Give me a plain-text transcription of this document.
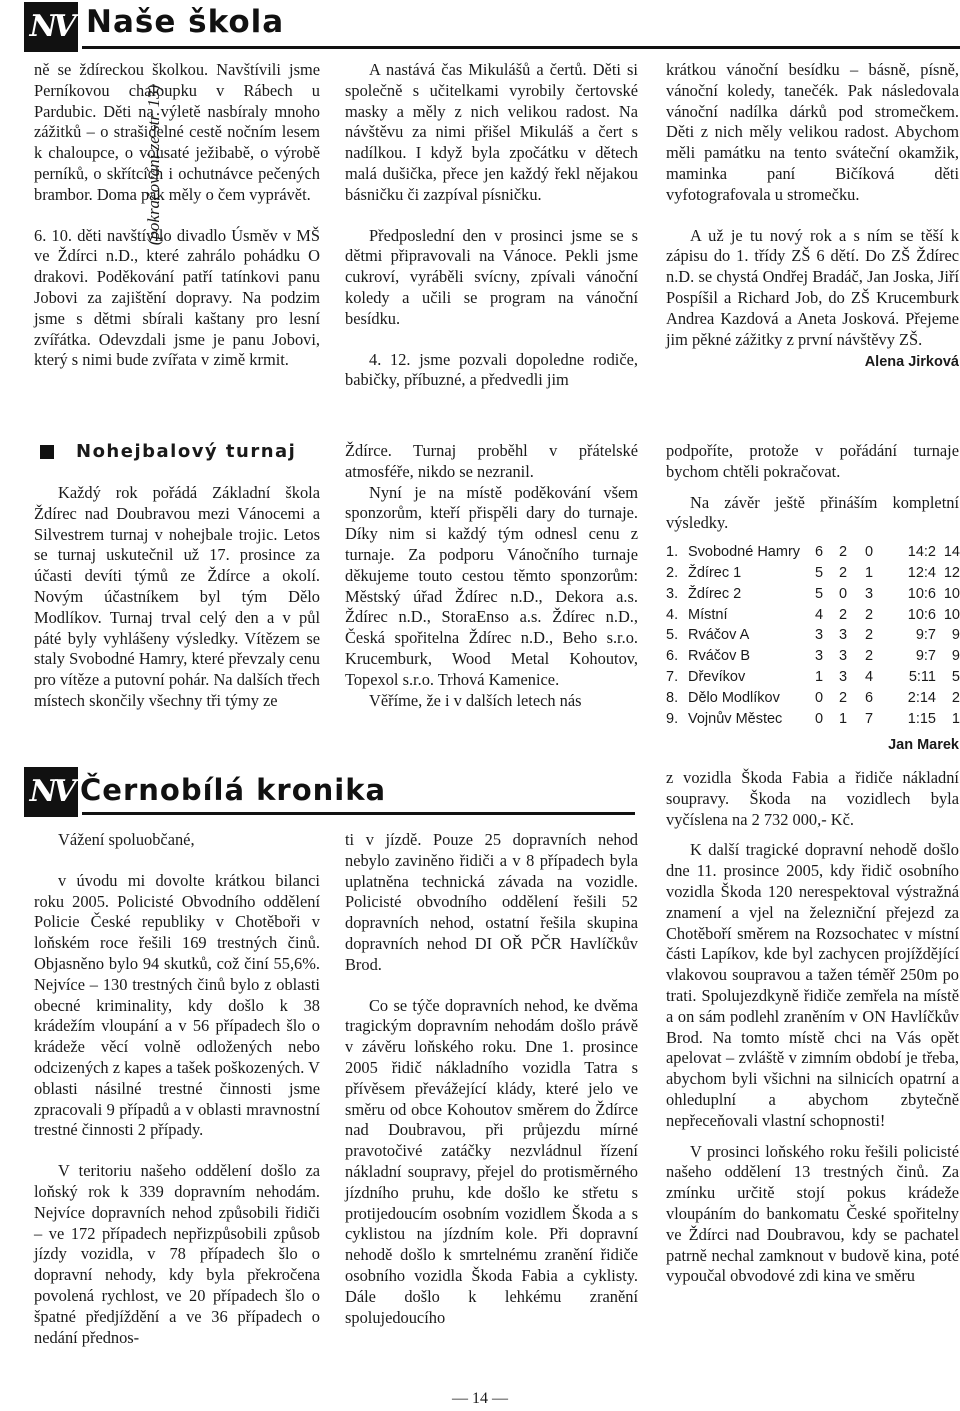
NV Naše škola
(pokračování ze str. 13)

ně se ždíreckou školkou. Navštívili jsme Perníkovou chaloupku v Rábech u Pardubic. Děti na výletě nasbíraly mnoho zážitků – o strašidelné cestě nočním lesem k chaloupce, o vousaté ježibabě, o výrobě perníků, o skřítcích i ochutnávce pečených brambor. Doma pak měly o čem vyprávět.

6. 10. děti navštívilo divadlo Úsměv v MŠ ve Ždírci n.D., které zahrálo pohádku O drakovi. Poděkování patří tatínkovi panu Jobovi za zajištění dopravy. Na podzim jsme s dětmi sbírali kaštany pro lesní zvířátka. Odevzdali jsme je panu Jobovi, který s nimi bude zvířata v zimě krmit.

A nastává čas Mikulášů a čertů. Děti si společně s učitelkami vyrobily čertovské masky a měly z nich velikou radost. Na návštěvu za nimi přišel Mikuláš a čert s nadílkou. I když byla zpočátku v dětech malá dušička, přece jen každý řekl nějakou básničku či zazpíval písničku.

Předposlední den v prosinci jsme se s dětmi připravovali na Vánoce. Pekli jsme cukroví, vyráběli svícny, zpívali vánoční koledy a učili se program na vánoční besídku.

4. 12. jsme pozvali dopoledne rodiče, babičky, příbuzné, a předvedli jim

krátkou vánoční besídku – básně, písně, vánoční koledy, tanečék. Pak následovala vánoční nadílka dárků pod stromečkem. Děti z nich měly velikou radost. Abychom měli památku na tento sváteční okamžik, maminka paní Bičíková děti vyfotografovala u stromečku.

A už je tu nový rok a s ním se těší k zápisu do 1. třídy ZŠ 6 dětí. Do ZŠ Ždírec n.D. se chystá Ondřej Bradáč, Jan Joska, Jiří Pospíšil a Richard Job, do ZŠ Krucemburk Andrea Kazdová a Aneta Josková. Přejeme jim pěkné zážitky z první návštěvy ZŠ.

Alena Jirková
Nohejbalový turnaj

Každý rok pořádá Základní škola Ždírec nad Doubravou mezi Vánocemi a Silvestrem turnaj v nohejbale trojic. Letos se turnaj uskutečnil už 17. prosince za účasti devíti týmů ze Ždírce a okolí. Novým účastníkem byl tým Dělo Modlíkov. Turnaj trval celý den a v půl páté byly vyhlášeny výsledky. Vítězem se staly Svobodné Hamry, které převzaly cenu pro vítěze a putovní pohár. Na dalších třech místech skončily všechny tři týmy ze

Ždírce. Turnaj proběhl v přátelské atmosféře, nikdo se nezranil.

Nyní je na místě poděkování všem sponzorům, kteří přispěli dary do turnaje. Díky nim si každý tým odnesl cenu z turnaje. Za podporu Vánočního turnaje děkujeme touto cestou těmto sponzorům: Městský úřad Ždírec n.D., Dekora a.s. Ždírec n.D., StoraEnso a.s. Ždírec n.D., Česká spořitelna Ždírec n.D., Beho s.r.o. Krucemburk, Wood Metal Kohoutov, Topexol s.r.o. Trhová Kamenice.

Věříme, že i v dalších letech nás

podpoříte, protože v pořádání turnaje bychom chtěli pokračovat.

Na závěr ještě přináším kompletní výsledky.

1.	Svobodné Hamry	6	2	0	14:2	14
2.	Ždírec 1	5	2	1	12:4	12
3.	Ždírec 2	5	0	3	10:6	10
4.	Místní	4	2	2	10:6	10
5.	Rváčov A	3	3	2	9:7	9
6.	Rváčov B	3	3	2	9:7	9
7.	Dřevíkov	1	3	4	5:11	5
8.	Dělo Modlíkov	0	2	6	2:14	2
9.	Vojnův Městec	0	1	7	1:15	1
Jan Marek
NV Černobílá kronika

Vážení spoluobčané,

v úvodu mi dovolte krátkou bilanci roku 2005. Policisté Obvodního oddělení Policie České republiky v Chotěboři v loňském roce řešili 169 trestných činů. Objasněno bylo 94 skutků, což činí 55,6%. Nejvíce – 130 trestných činů bylo z oblasti obecné kriminality, kdy došlo k 38 krádežím vloupání a v 56 případech šlo o krádeže věcí volně odložených nebo odcizených z kapes a tašek poškozených. V oblasti násilné trestné činnosti jsme zpracovali 9 případů a v oblasti mravnostní trestné činnosti 2 případy.

V teritoriu našeho oddělení došlo za loňský rok k 339 dopravním nehodám. Nejvíce dopravních nehod způsobili řidiči – ve 172 případech nepřizpůsobili způsob jízdy vozidla, v 78 případech šlo o dopravní nehody, kdy byla překročena povolená rychlost, ve 20 případech šlo o špatné předjíždění a ve 36 případech o nedání přednos-

ti v jízdě. Pouze 25 dopravních nehod nebylo zaviněno řidiči a v 8 případech byla uplatněna technická závada na vozidle. Policisté obvodního oddělení řešili 52 dopravních nehod, ostatní řešila skupina dopravních nehod DI OŘ PČR Havlíčkův Brod.

Co se týče dopravních nehod, ke dvěma tragickým dopravním nehodám došlo právě v závěru loňského roku. Dne 1. prosince 2005 řidič nákladního vozidla Tatra s přívěsem převážející klády, které jelo ve směru od obce Kohoutov směrem do Ždírce nad Doubravou, při průjezdu mírné pravotočivé zatáčky nezvládnul řízení nákladní soupravy, přejel do protisměrného jízdního pruhu, kde došlo ke střetu s protijedoucím osobním vozidlem Škoda a s cyklistou na jízdním kole. Při dopravní nehodě došlo k smrtelnému zranění řidiče osobního vozidla Škoda Fabia a cyklisty. Dále došlo k lehkému zranění spolujedoucího

z vozidla Škoda Fabia a řidiče nákladní soupravy. Škoda na vozidlech byla vyčíslena na 2 732 000,- Kč.

K další tragické dopravní nehodě došlo dne 11. prosince 2005, kdy řidič osobního vozidla Škoda 120 nerespektoval výstražná znamení a vjel na železniční přejezd za Chotěboří směrem na Rozsochatec v místní části Lapíkov, kde byl zachycen projíždějící vlakovou soupravou a tažen téměř 250m po trati. Spolujezdkyně řidiče zemřela na místě a on sám podlehl zraněním v ON Havlíčkův Brod. Na tomto místě chci na Vás opět apelovat – zvláště v zimním období je třeba, abychom byli všichni na silnicích opatrní a ohleduplní a abychom zbytečně nepřeceňovali vlastní schopnosti!

V prosinci loňského roku řešili policisté našeho oddělení 13 trestných činů. Za zmínku určitě stojí pokus krádeže vloupáním do bankomatu České spořitelny ve Ždírci nad Doubravou, kdy se pachatel patrně nechal zamknout v budově kina, poté vypoučal obvodové zdi kina ve směru

— 14 —
